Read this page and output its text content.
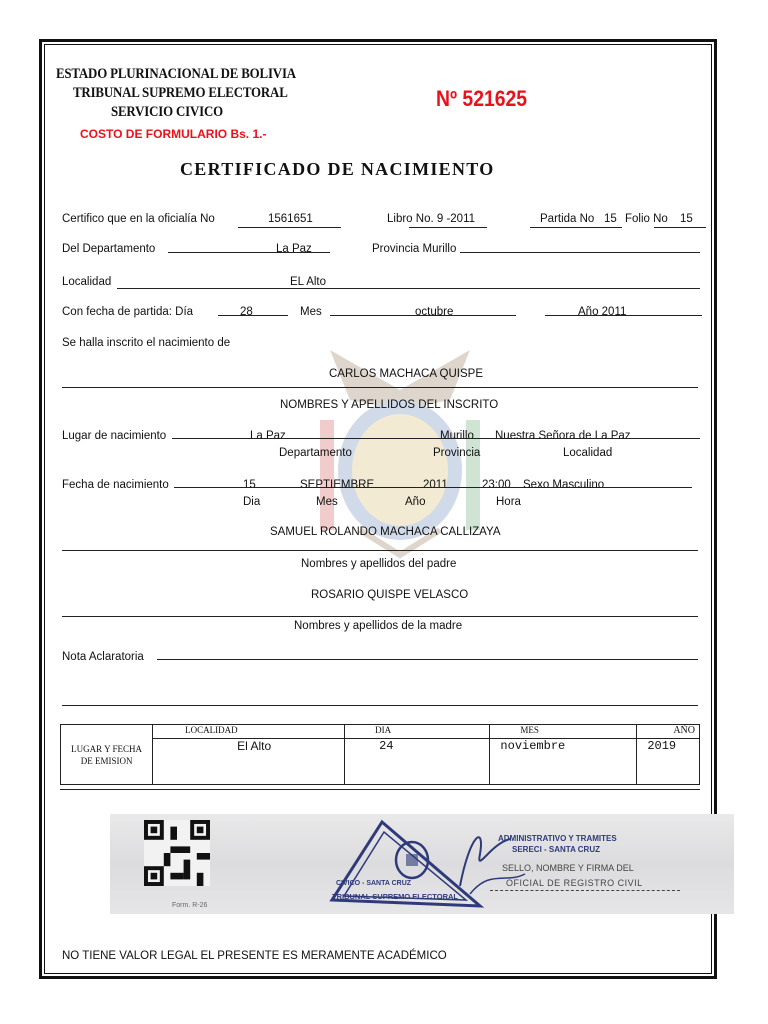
ESTADO PLURINACIONAL DE BOLIVIA
TRIBUNAL SUPREMO ELECTORAL
SERVICIO CIVICO
COSTO DE FORMULARIO Bs. 1.-
Nº 521625
CERTIFICADO DE NACIMIENTO
Certifico que en la oficialía No	1561651	Libro No. 9 -2011	Partida No 15 Folio No 15
Del Departamento	La Paz	Provincia Murillo
Localidad	EL Alto
Con fecha de partida: Día	28	Mes	octubre	Año 2011
Se halla inscrito el nacimiento de
CARLOS MACHACA QUISPE
NOMBRES Y APELLIDOS DEL INSCRITO
Lugar de nacimiento	La Paz	Murillo Nuestra Señora de La Paz
Departamento	Provincia	Localidad
Fecha de nacimiento	15	SEPTIEMBRE	2011	23:00 Sexo Masculino
Dia	Mes	Año	Hora
SAMUEL ROLANDO MACHACA CALLIZAYA
Nombres y apellidos del padre
ROSARIO QUISPE VELASCO
Nombres y apellidos de la madre
Nota Aclaratoria
LUGAR Y FECHA
DE EMISION	LOCALIDAD	DIA	MES	AÑO
	El Alto	24	noviembre	2019
Form. R-26
CIVICO - SANTA CRUZ
TRIBUNAL SUPREMO ELECTORAL
ADMINISTRATIVO Y TRAMITES
SERECI - SANTA CRUZ
SELLO, NOMBRE Y FIRMA DEL
OFICIAL DE REGISTRO CIVIL
NO TIENE VALOR LEGAL EL PRESENTE ES MERAMENTE ACADÉMICO
